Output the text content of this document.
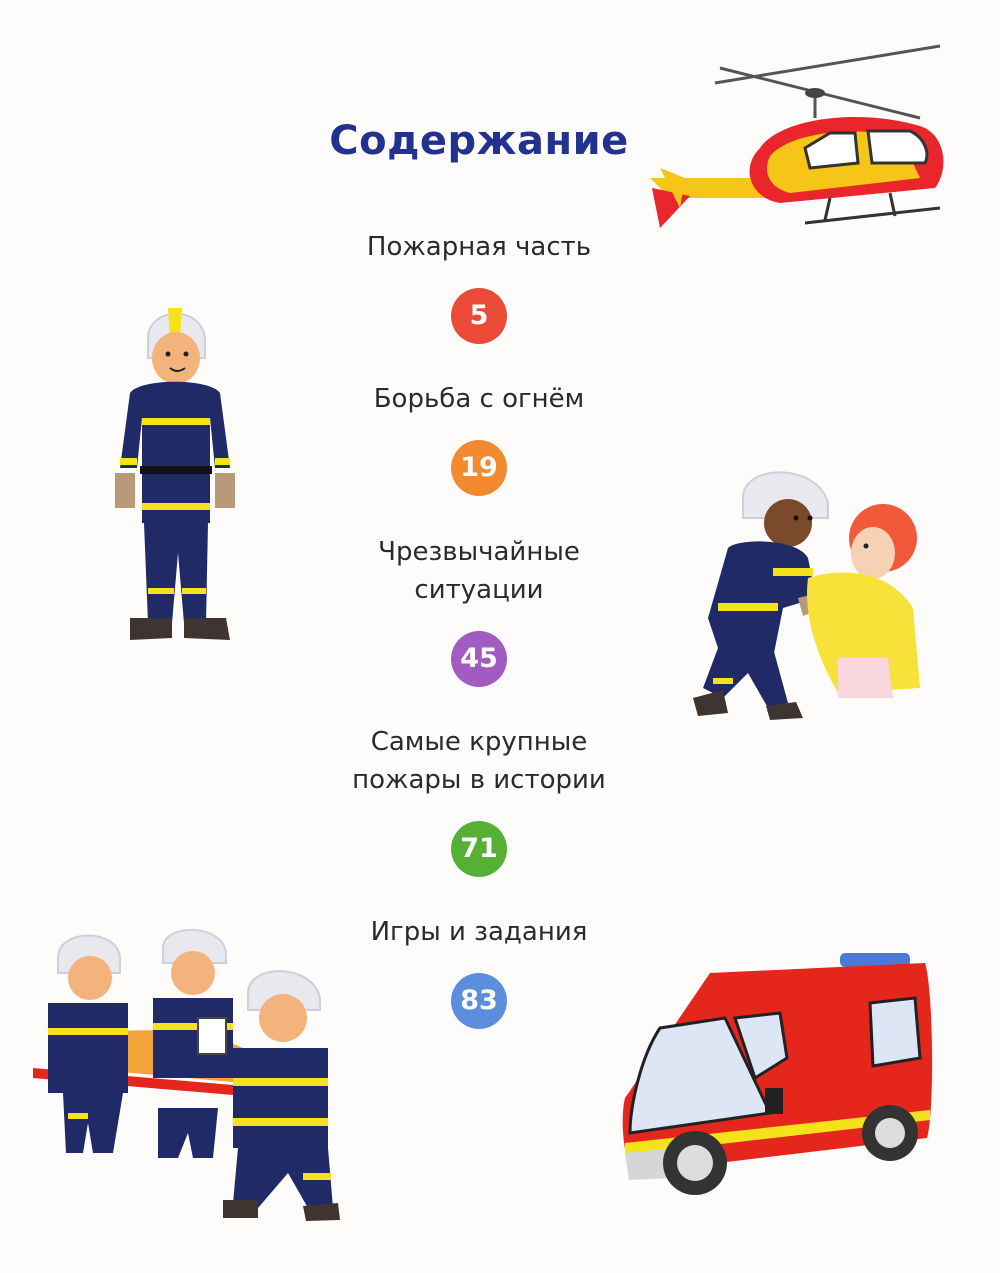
Содержание
Пожарная часть
5
Борьба с огнём
19
Чрезвычайные
ситуации
45
Самые крупные
пожары в истории
71
Игры и задания
83
